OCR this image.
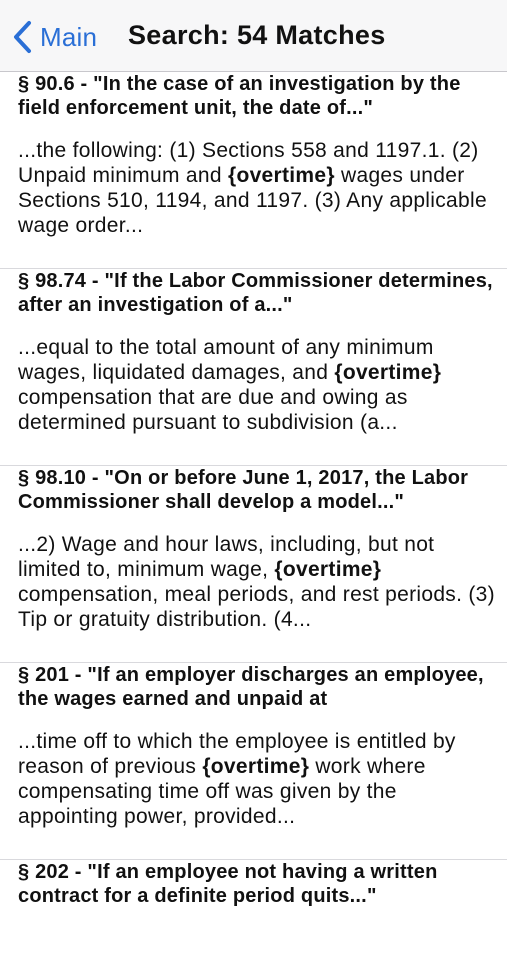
Main Search: 54 Matches
§ 90.6 - "In the case of an investigation by the field enforcement unit, the date of..."
...the following: (1) Sections 558 and 1197.1. (2) Unpaid minimum and {overtime} wages under Sections 510, 1194, and 1197. (3) Any applicable wage order...
§ 98.74 - "If the Labor Commissioner determines, after an investigation of a..."
...equal to the total amount of any minimum wages, liquidated damages, and {overtime} compensation that are due and owing as determined pursuant to subdivision (a...
§ 98.10 - "On or before June 1, 2017, the Labor Commissioner shall develop a model..."
...2) Wage and hour laws, including, but not limited to, minimum wage, {overtime} compensation, meal periods, and rest periods. (3) Tip or gratuity distribution. (4...
§ 201 - "If an employer discharges an employee, the wages earned and unpaid at
...time off to which the employee is entitled by reason of previous {overtime} work where compensating time off was given by the appointing power, provided...
§ 202 - "If an employee not having a written contract for a definite period quits..."
